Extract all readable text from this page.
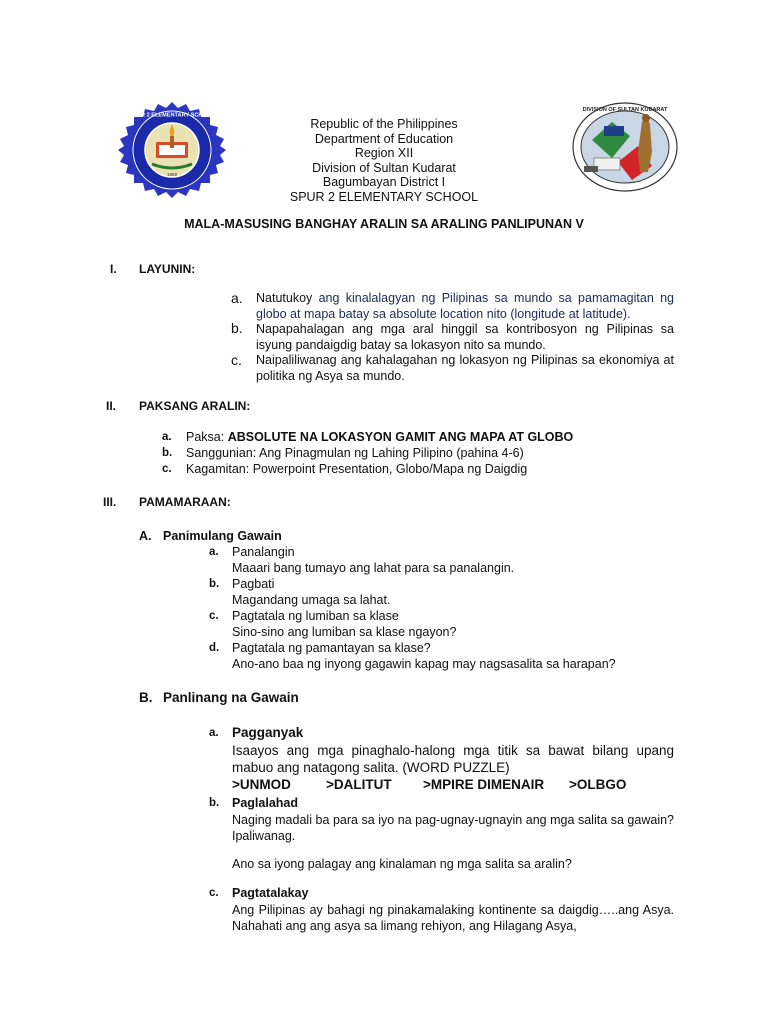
SPUR 2 ELEMENTARY SCHOOL
1969
DIVISION OF SULTAN KUDARAT
Republic of the Philippines
Department of Education
Region XII
Division of Sultan Kudarat
Bagumbayan District I
SPUR 2 ELEMENTARY SCHOOL
MALA-MASUSING BANGHAY ARALIN SA ARALING PANLIPUNAN V
I. LAYUNIN:
a. Natutukoy ang kinalalagyan ng Pilipinas sa mundo sa pamamagitan ng globo at mapa batay sa absolute location nito (longitude at latitude).
b. Napapahalagan ang mga aral hinggil sa kontribosyon ng Pilipinas sa isyung pandaigdig batay sa lokasyon nito sa mundo.
c. Naipaliliwanag ang kahalagahan ng lokasyon ng Pilipinas sa ekonomiya at politika ng Asya sa mundo.
II. PAKSANG ARALIN:
a. Paksa: ABSOLUTE NA LOKASYON GAMIT ANG MAPA AT GLOBO
b. Sanggunian: Ang Pinagmulan ng Lahing Pilipino (pahina 4-6)
c. Kagamitan: Powerpoint Presentation, Globo/Mapa ng Daigdig
III. PAMAMARAAN:
A. Panimulang Gawain
a. Panalangin
Maaari bang tumayo ang lahat para sa panalangin.
b. Pagbati
Magandang umaga sa lahat.
c. Pagtatala ng lumiban sa klase
Sino-sino ang lumiban sa klase ngayon?
d. Pagtatala ng pamantayan sa klase?
Ano-ano baa ng inyong gagawin kapag may nagsasalita sa harapan?
B. Panlinang na Gawain
a. Pagganyak
Isaayos ang mga pinaghalo-halong mga titik sa bawat bilang upang mabuo ang natagong salita. (WORD PUZZLE)
>UNMOD	>DALITUT >MPIRE DIMENAIR >OLBGO
b. Paglalahad
Naging madali ba para sa iyo na pag-ugnay-ugnayin ang mga salita sa gawain? Ipaliwanag.
Ano sa iyong palagay ang kinalaman ng mga salita sa aralin?
c. Pagtatalakay
Ang Pilipinas ay bahagi ng pinakamalaking kontinente sa daigdig…..ang Asya. Nahahati ang ang asya sa limang rehiyon, ang Hilagang Asya,
